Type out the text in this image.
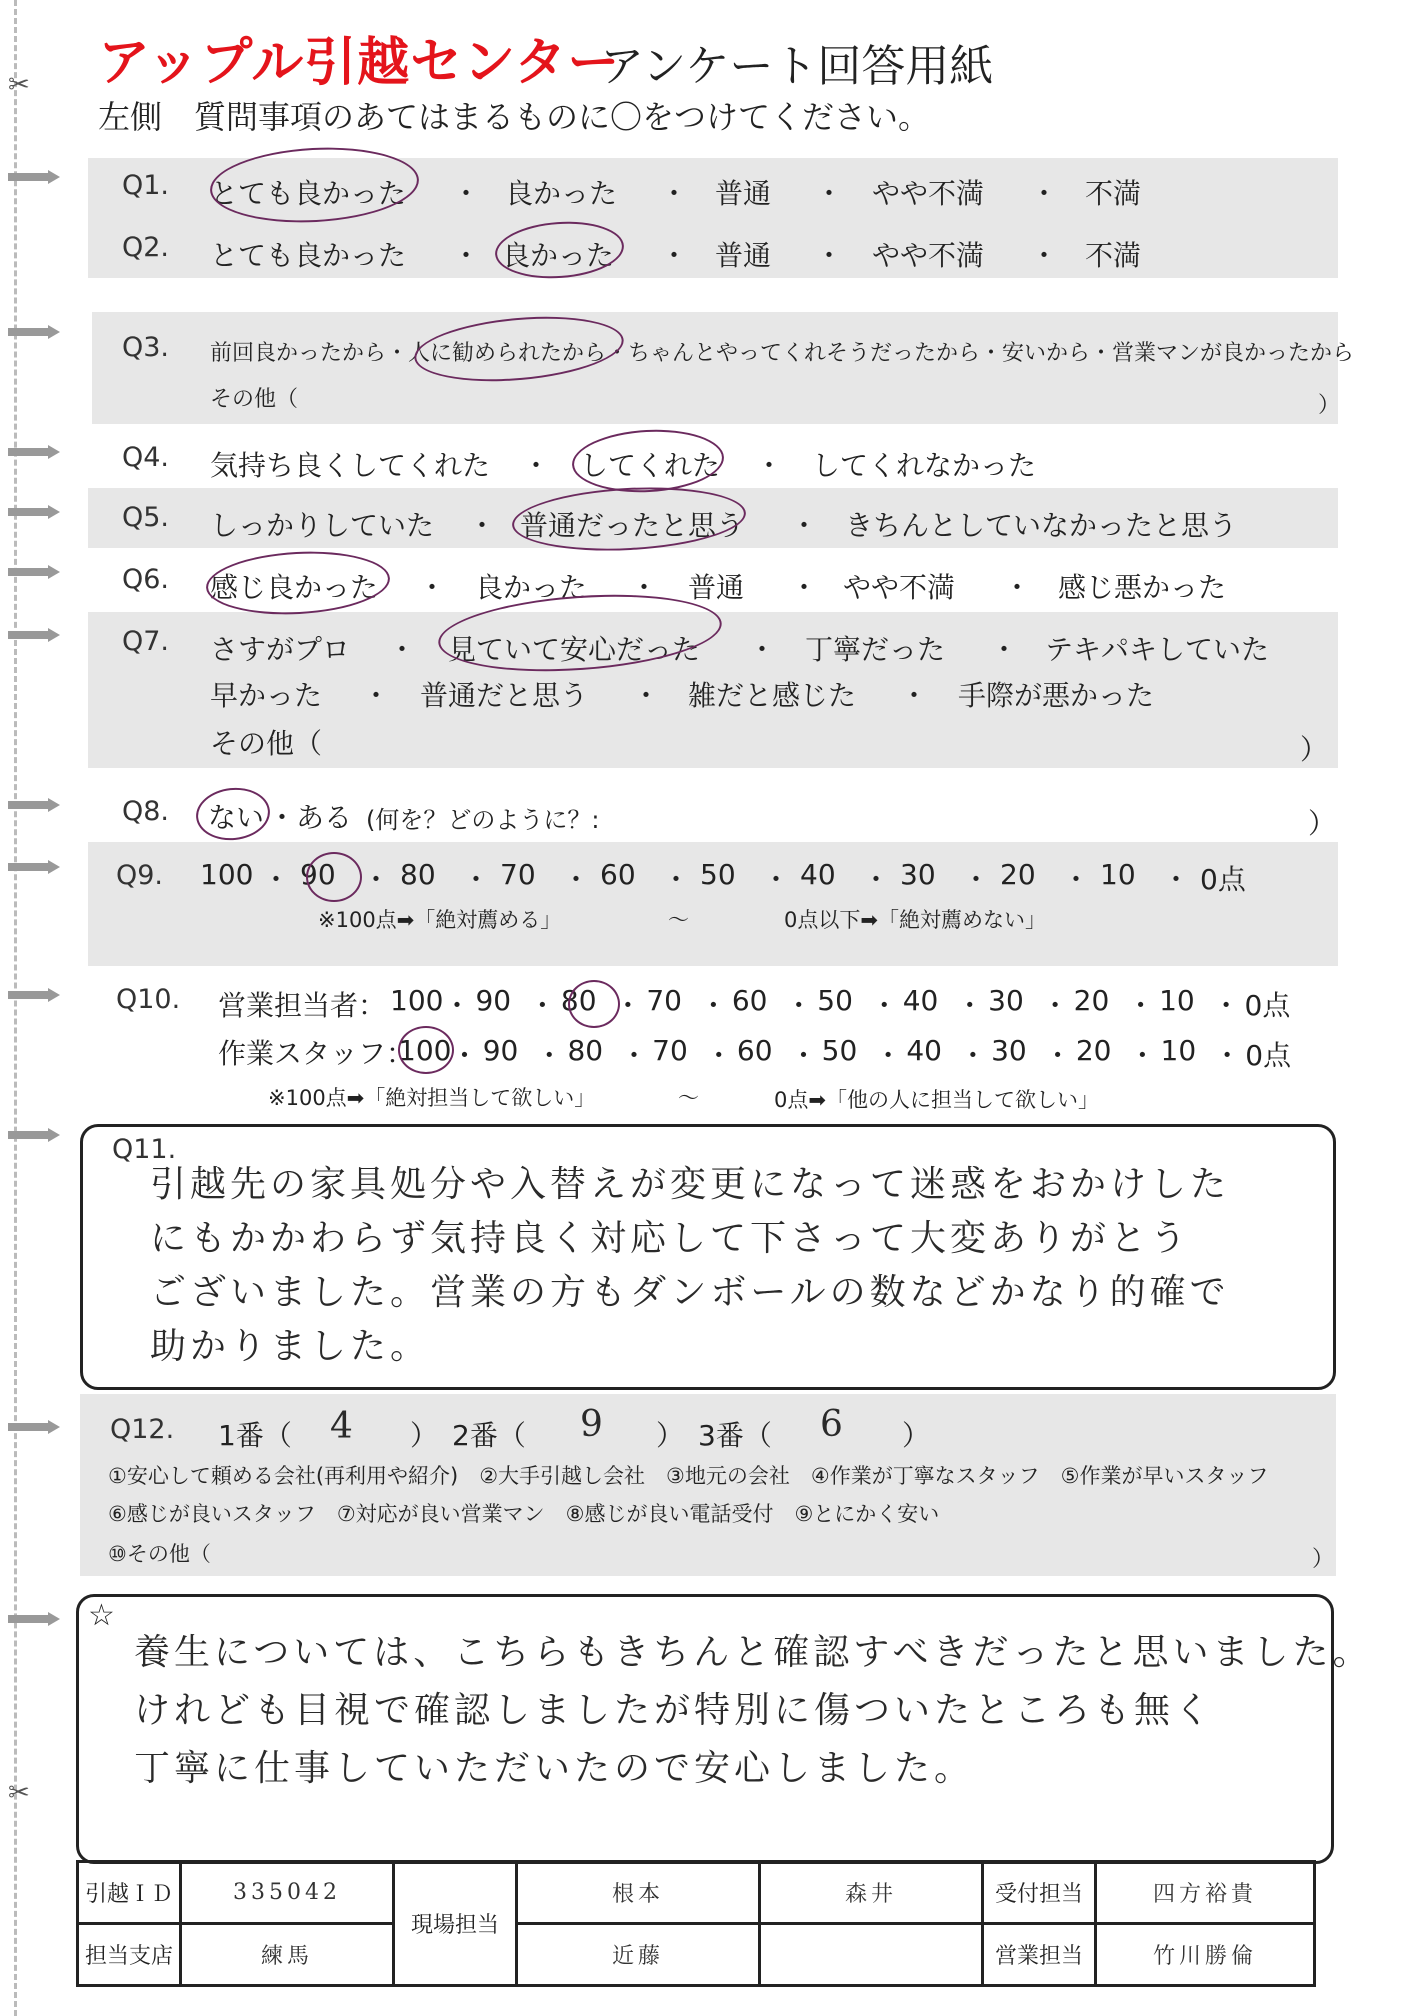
✂
✂
アップル引越センター
アンケート回答用紙
左側　質問事項のあてはまるものに〇をつけてください。
Q1. とても良かった ・ 良かった ・ 普通 ・ やや不満 ・ 不満
Q2. とても良かった ・ 良かった ・ 普通 ・ やや不満 ・ 不満
Q3. 前回良かったから・人に勧められたから・ちゃんとやってくれそうだったから・安いから・営業マンが良かったから
その他（	）
Q4. 気持ち良くしてくれた ・ してくれた ・ してくれなかった
Q5. しっかりしていた ・ 普通だったと思う ・ きちんとしていなかったと思う
Q6. 感じ良かった ・ 良かった ・ 普通 ・ やや不満 ・ 感じ悪かった
Q7. さすがプロ ・ 見ていて安心だった ・ 丁寧だった ・ テキパキしていた
早かった ・ 普通だと思う ・ 雑だと感じた ・ 手際が悪かった
その他（	）
Q8. ない ・ある (何を？どのように？:	）
Q9. 100 ・ 90 ・ 80 ・ 70 ・ 60 ・ 50 ・ 40 ・ 30 ・ 20 ・ 10 ・ 0点
※100点➡「絶対薦める」	〜	0点以下➡「絶対薦めない」
Q10. 営業担当者： 100 ・ 90 ・ 80 ・ 70 ・ 60 ・ 50 ・ 40 ・ 30 ・ 20 ・ 10 ・ 0点
作業スタッフ：
100 ・ 90 ・ 80 ・ 70 ・ 60 ・ 50 ・ 40 ・ 30 ・ 20 ・ 10 ・ 0点
※100点➡「絶対担当して欲しい」	〜	0点➡「他の人に担当して欲しい」
Q11.
引越先の家具処分や入替えが変更になって迷惑をおかけした
にもかかわらず気持良く対応して下さって大変ありがとう
ございました。営業の方もダンボールの数などかなり的確で
助かりました。
Q12. 1番（ 4 ）　2番（ 9 ）　3番（ 6 ）
①安心して頼める会社(再利用や紹介)　②大手引越し会社　③地元の会社　④作業が丁寧なスタッフ　⑤作業が早いスタッフ
⑥感じが良いスタッフ　⑦対応が良い営業マン　⑧感じが良い電話受付　⑨とにかく安い
⑩その他（	）
☆
養生については、こちらもきちんと確認すべきだったと思いました。
けれども目視で確認しましたが特別に傷ついたところも無く
丁寧に仕事していただいたので安心しました。
引越ＩＤ	335042	現場担当	根本	森井	受付担当	四方裕貴
担当支店	練馬		近藤		営業担当	竹川勝倫
